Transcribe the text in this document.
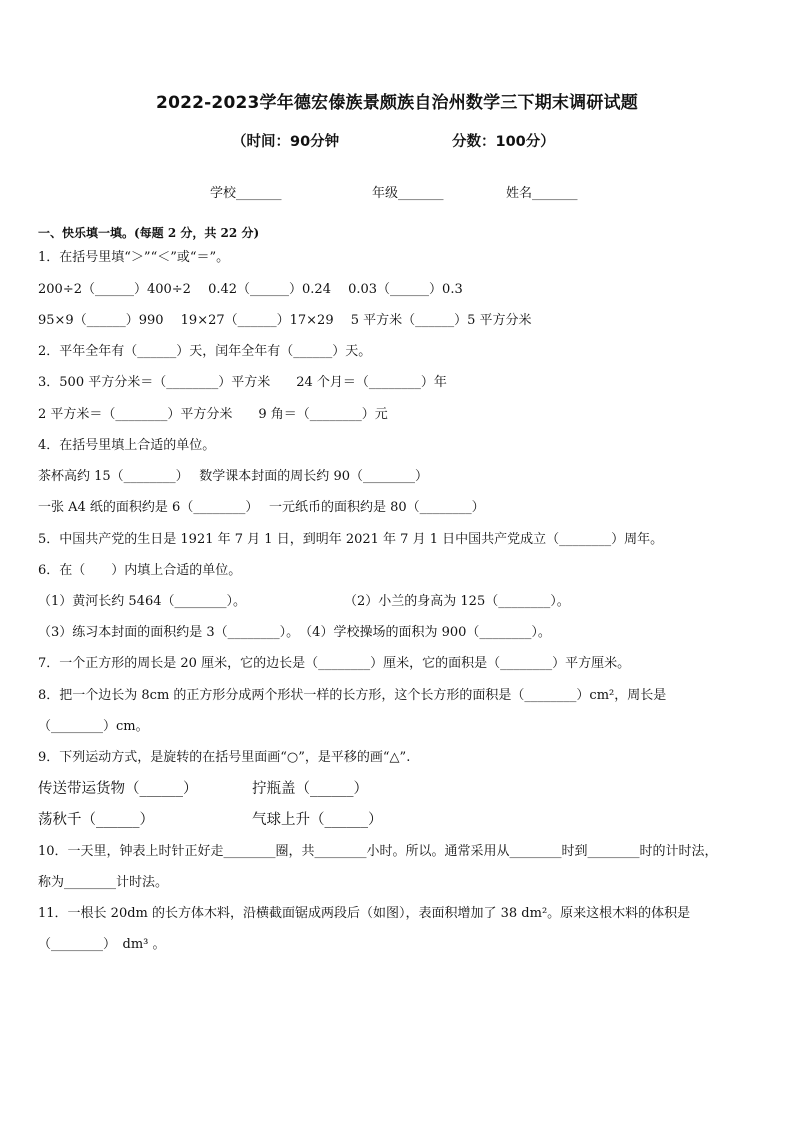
2022-2023学年德宏傣族景颇族自治州数学三下期末调研试题
（时间：90分钟	分数：100分）
学校_______	年级_______	姓名_______
一、快乐填一填。(每题 2 分，共 22 分)
1．在括号里填“＞”“＜”或“＝”。
200÷2（______）400÷2　 0.42（______）0.24　 0.03（______）0.3
95×9（______）990　 19×27（______）17×29　 5 平方米（______）5 平方分米
2．平年全年有（______）天，闰年全年有（______）天。
3．500 平方分米＝（________）平方米　　24 个月＝（________）年
2 平方米＝（________）平方分米　　9 角＝（________）元
4．在括号里填上合适的单位。
茶杯高约 15（________）　 数学课本封面的周长约 90（________）
一张 A4 纸的面积约是 6（________）　 一元纸币的面积约是 80（________）
5．中国共产党的生日是 1921 年 7 月 1 日，到明年 2021 年 7 月 1 日中国共产党成立（________）周年。
6．在（　　）内填上合适的单位。
（1）黄河长约 5464（________）。	（2）小兰的身高为 125（________）。
（3）练习本封面的面积约是 3（________）。　（4）学校操场的面积为 900（________）。
7．一个正方形的周长是 20 厘米，它的边长是（________）厘米，它的面积是（________）平方厘米。
8．把一个边长为 8cm 的正方形分成两个形状一样的长方形，这个长方形的面积是（________）cm²，周长是
（________）cm。
9．下列运动方式，是旋转的在括号里面画“○”，是平移的画“△”.
传送带运货物（______）	拧瓶盖（______）
荡秋千（______）	气球上升（______）
10．一天里，钟表上时针正好走________圈，共________小时。所以。通常采用从________时到________时的计时法，
称为________计时法。
11．一根长 20dm 的长方体木料，沿横截面锯成两段后（如图），表面积增加了 38 dm²。原来这根木料的体积是
（________）　dm³ 。
